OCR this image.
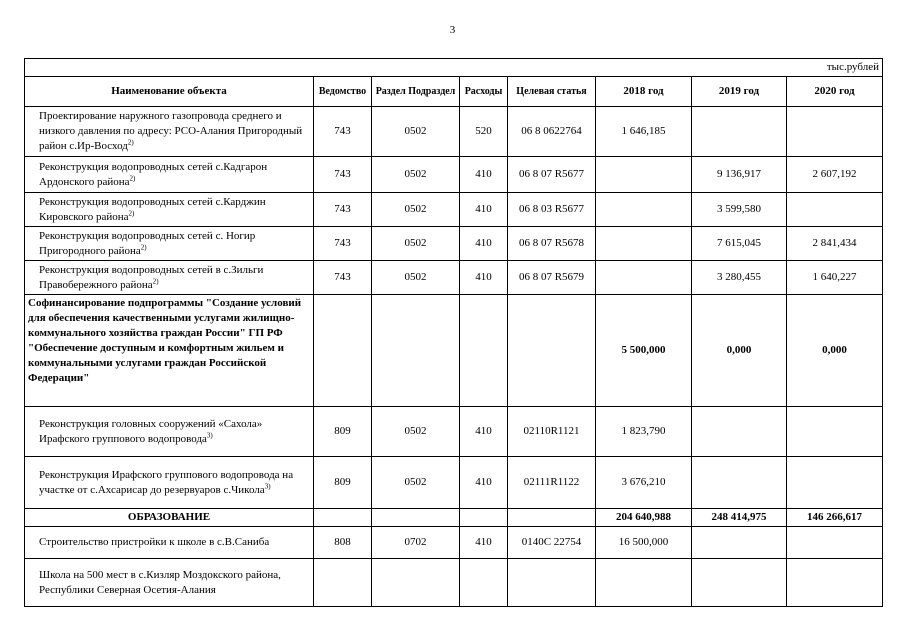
3
тыс.рублей							
Наименование объекта	Ведомство	Раздел Подраздел	Расходы	Целевая статья	2018 год	2019 год	2020 год
Проектирование наружного газопровода среднего и низкого давления по адресу: РСО-Алания Пригородный район с.Ир-Восход$^{2)}$	743	0502	520	06 8 0622764	1 646,185		
Реконструкция водопроводных сетей с.Кадгарон Ардонского района$^{2)}$	743	0502	410	06 8 07 R5677		9 136,917	2 607,192
Реконструкция водопроводных сетей с.Карджин Кировского района$^{2)}$	743	0502	410	06 8 03 R5677		3 599,580	
Реконструкция водопроводных сетей с. Ногир Пригородного района$^{2)}$	743	0502	410	06 8 07 R5678		7 615,045	2 841,434
Реконструкция водопроводных сетей в с.Зильги Правобережного района$^{2)}$	743	0502	410	06 8 07 R5679		3 280,455	1 640,227
Софинансирование подпрограммы "Создание условий для обеспечения качественными услугами жилищно-коммунального хозяйства граждан России" ГП РФ "Обеспечение доступным и комфортным жильем и коммунальными услугами граждан Российской Федерации"					5 500,000	0,000	0,000
Реконструкция головных сооружений «Сахола» Ирафского группового водопровода$^{3)}$	809	0502	410	02110R1121	1 823,790		
Реконструкция Ирафского группового водопровода на участке от с.Ахсарисар до резервуаров с.Чикола$^{3)}$	809	0502	410	02111R1122	3 676,210		
ОБРАЗОВАНИЕ					204 640,988	248 414,975	146 266,617
Строительство пристройки к школе в с.В.Саниба	808	0702	410	0140С 22754	16 500,000		
Школа на 500 мест в с.Кизляр Моздокского района, Республики Северная Осетия-Алания							
